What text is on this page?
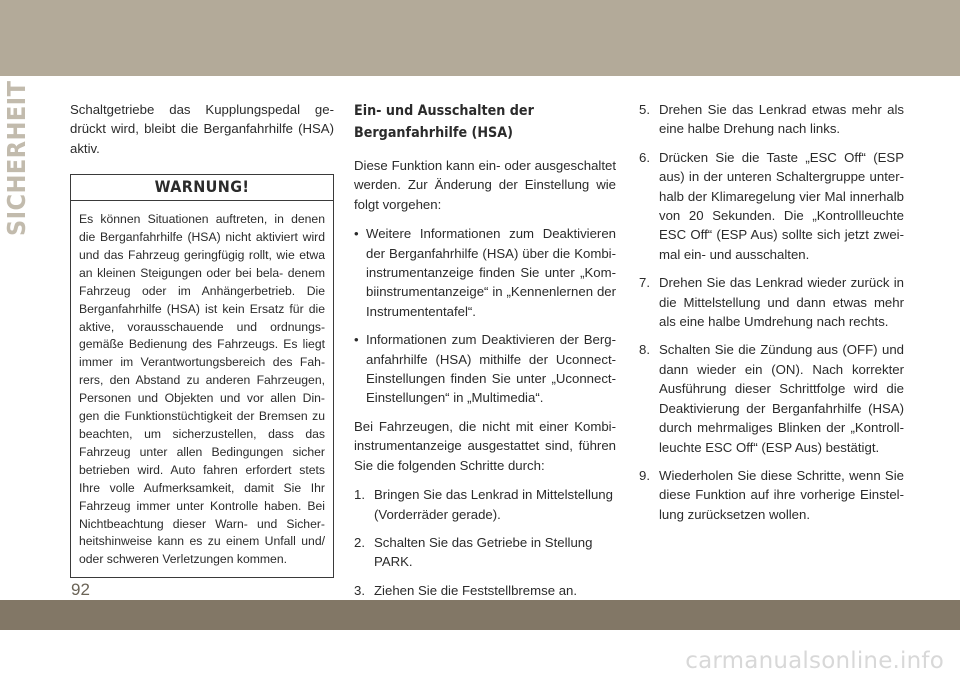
SICHERHEIT	Schaltgetriebe das Kupplungspedal ge- drückt wird, bleibt die Berganfahrhilfe (HSA) aktiv.

WARNUNG!
Es können Situationen auftreten, in denen die Berganfahrhilfe (HSA) nicht aktiviert wird und das Fahrzeug geringfügig rollt, wie etwa an kleinen Steigungen oder bei bela- denem Fahrzeug oder im Anhängerbetrieb. Die Berganfahrhilfe (HSA) ist kein Ersatz für die aktive, vorausschauende und ordnungs- gemäße Bedienung des Fahrzeugs. Es liegt immer im Verantwortungsbereich des Fah- rers, den Abstand zu anderen Fahrzeugen, Personen und Objekten und vor allen Din- gen die Funktionstüchtigkeit der Bremsen zu beachten, um sicherzustellen, dass das Fahrzeug unter allen Bedingungen sicher betrieben wird. Auto fahren erfordert stets Ihre volle Aufmerksamkeit, damit Sie Ihr Fahrzeug immer unter Kontrolle haben. Bei Nichtbeachtung dieser Warn- und Sicher- heitshinweise kann es zu einem Unfall und/ oder schweren Verletzungen kommen.
Ein- und Ausschalten der Berganfahrhilfe (HSA)

Diese Funktion kann ein- oder ausgeschaltet werden. Zur Änderung der Einstellung wie folgt vorgehen:

• Weitere Informationen zum Deaktivieren der Berganfahrhilfe (HSA) über die Kombi- instrumentanzeige finden Sie unter „Kom- biinstrumentanzeige“ in „Kennenlernen der Instrumententafel“.
• Informationen zum Deaktivieren der Berg- anfahrhilfe (HSA) mithilfe der Uconnect- Einstellungen finden Sie unter „Uconnect- Einstellungen“ in „Multimedia“.

Bei Fahrzeugen, die nicht mit einer Kombi- instrumentanzeige ausgestattet sind, führen Sie die folgenden Schritte durch:

1. Bringen Sie das Lenkrad in Mittelstellung (Vorderräder gerade).
2. Schalten Sie das Getriebe in Stellung PARK.
3. Ziehen Sie die Feststellbremse an.
5. Drehen Sie das Lenkrad etwas mehr als eine halbe Drehung nach links.
6. Drücken Sie die Taste „ESC Off“ (ESP aus) in der unteren Schaltergruppe unter- halb der Klimaregelung vier Mal innerhalb von 20 Sekunden. Die „Kontrollleuchte ESC Off“ (ESP Aus) sollte sich jetzt zwei- mal ein- und ausschalten.
7. Drehen Sie das Lenkrad wieder zurück in die Mittelstellung und dann etwas mehr als eine halbe Umdrehung nach rechts.
8. Schalten Sie die Zündung aus (OFF) und dann wieder ein (ON). Nach korrekter Ausführung dieser Schrittfolge wird die Deaktivierung der Berganfahrhilfe (HSA) durch mehrmaliges Blinken der „Kontroll- leuchte ESC Off“ (ESP Aus) bestätigt.
9. Wiederholen Sie diese Schritte, wenn Sie diese Funktion auf ihre vorherige Einstel- lung zurücksetzen wollen.
92
carmanualsonline.info
